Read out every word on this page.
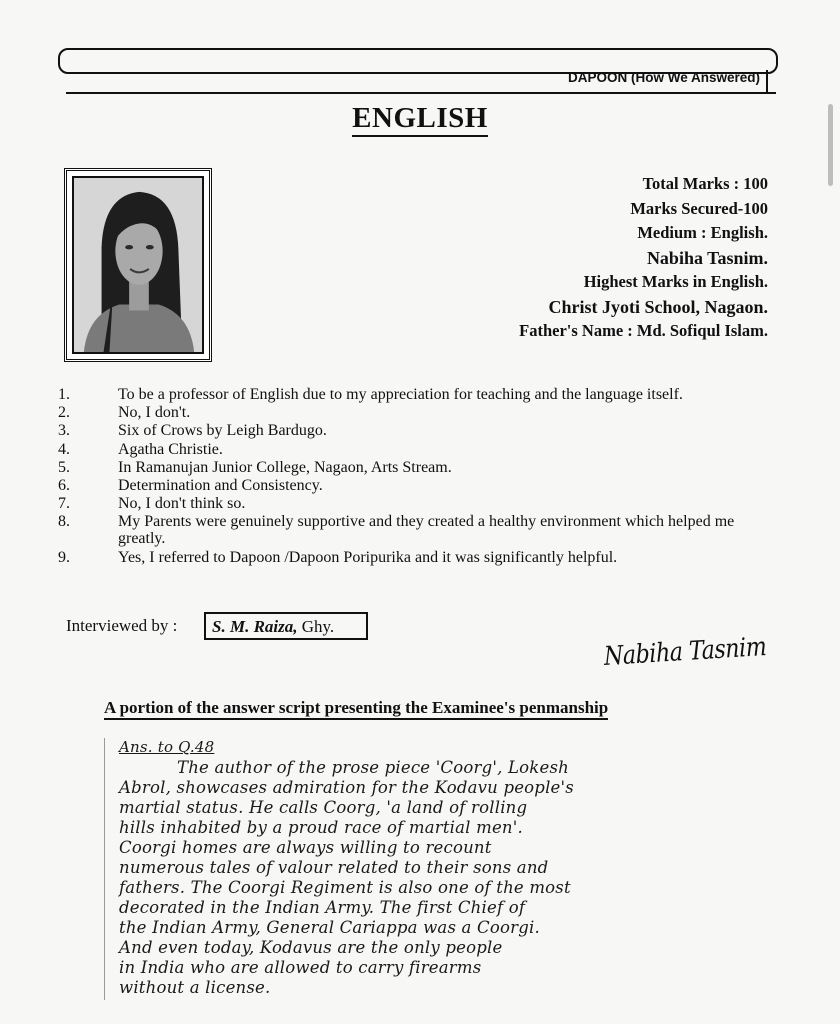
DAPOON (How We Answered)
ENGLISH
Total Marks : 100
Marks Secured-100
Medium : English.
Nabiha Tasnim.
Highest Marks in English.
Christ Jyoti School, Nagaon.
Father's Name : Md. Sofiqul Islam.
1.	To be a professor of English due to my appreciation for teaching and the language itself.
2.	No, I don't.
3.	Six of Crows by Leigh Bardugo.
4.	Agatha Christie.
5.	In Ramanujan Junior College, Nagaon, Arts Stream.
6.	Determination and Consistency.
7.	No, I don't think so.
8.	My Parents were genuinely supportive and they created a healthy environment which helped me greatly.
9.	Yes, I referred to Dapoon /Dapoon Poripurika and it was significantly helpful.
Interviewed by :	S. M. Raiza, Ghy.
Nabiha Tasnim
A portion of the answer script presenting the Examinee's penmanship
Ans. to Q.48
The author of the prose piece 'Coorg', Lokesh
Abrol, showcases admiration for the Kodavu people's
martial status. He calls Coorg, 'a land of rolling
hills inhabited by a proud race of martial men'.
Coorgi homes are always willing to recount
numerous tales of valour related to their sons and
fathers. The Coorgi Regiment is also one of the most
decorated in the Indian Army. The first Chief of
the Indian Army, General Cariappa was a Coorgi.
And even today, Kodavus are the only people
in India who are allowed to carry firearms
without a license.
